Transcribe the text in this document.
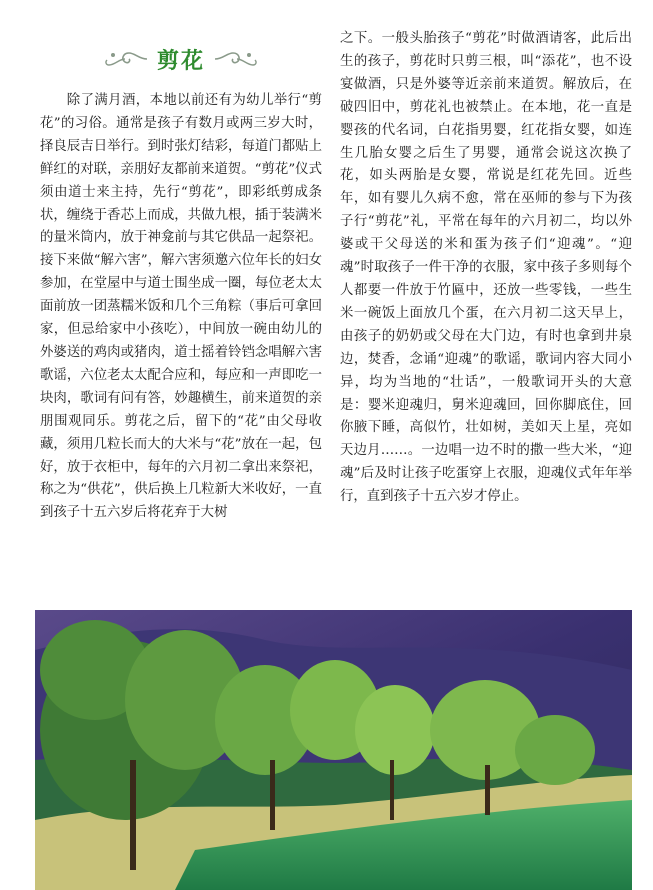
剪花

除了满月酒，本地以前还有为幼儿举行“剪花”的习俗。通常是孩子有数月或两三岁大时，择良辰吉日举行。到时张灯结彩，每道门都贴上鲜红的对联，亲朋好友都前来道贺。“剪花”仪式须由道士来主持，先行“剪花”，即彩纸剪成条状，缠绕于香芯上而成，共做九根，插于装满米的量米筒内，放于神龛前与其它供品一起祭祀。接下来做“解六害”，解六害须邀六位年长的妇女参加，在堂屋中与道士围坐成一圈，每位老太太面前放一团蒸糯米饭和几个三角粽（事后可拿回家，但忌给家中小孩吃），中间放一碗由幼儿的外婆送的鸡肉或猪肉，道士摇着铃铛念唱解六害歌谣，六位老太太配合应和，每应和一声即吃一块肉，歌词有问有答，妙趣横生，前来道贺的亲朋围观同乐。剪花之后，留下的“花”由父母收藏，须用几粒长而大的大米与“花”放在一起，包好，放于衣柜中，每年的六月初二拿出来祭祀，称之为“供花”，供后换上几粒新大米收好，一直到孩子十五六岁后将花弃于大树

之下。一般头胎孩子“剪花”时做酒请客，此后出生的孩子，剪花时只剪三根，叫“添花”，也不设宴做酒，只是外婆等近亲前来道贺。解放后，在破四旧中，剪花礼也被禁止。在本地，花一直是婴孩的代名词，白花指男婴，红花指女婴，如连生几胎女婴之后生了男婴，通常会说这次换了花，如头两胎是女婴，常说是红花先回。近些年，如有婴儿久病不愈，常在巫师的参与下为孩子行“剪花”礼，平常在每年的六月初二，均以外婆或干父母送的米和蛋为孩子们“迎魂”。“迎魂”时取孩子一件干净的衣服，家中孩子多则每个人都要一件放于竹匾中，还放一些零钱，一些生米一碗饭上面放几个蛋，在六月初二这天早上，由孩子的奶奶或父母在大门边，有时也拿到井泉边，焚香，念诵“迎魂”的歌谣，歌词内容大同小异，均为当地的“壮话”，一般歌词开头的大意是：婴米迎魂归，舅米迎魂回，回你脚底住，回你腋下睡，高似竹，壮如树，美如天上星，亮如天边月……。一边唱一边不时的撒一些大米，“迎魂”后及时让孩子吃蛋穿上衣服，迎魂仪式年年举行，直到孩子十五六岁才停止。
